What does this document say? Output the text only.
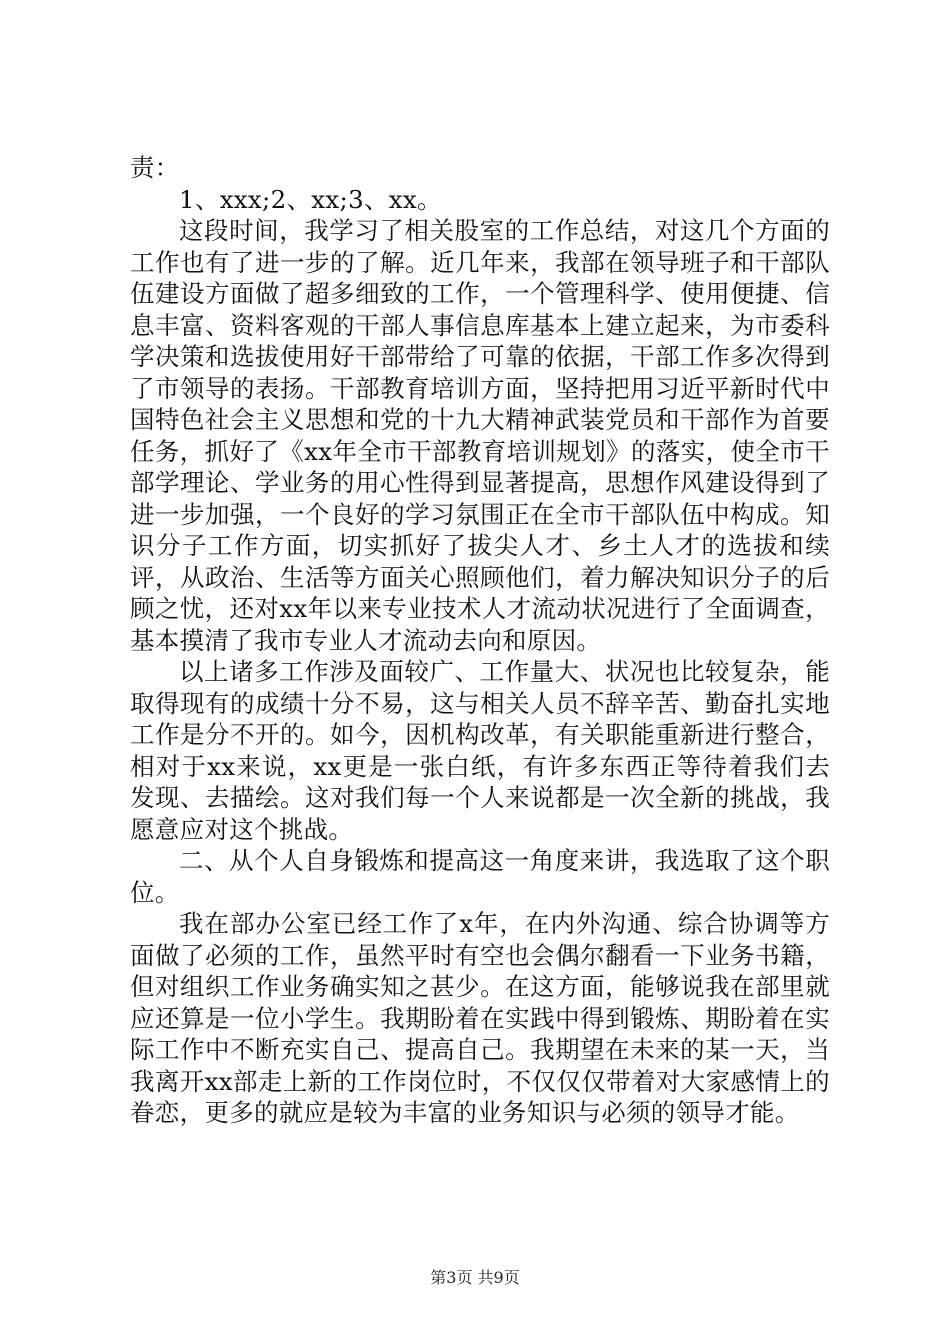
责：

1、xxx;2、xx;3、xx。

这段时间，我学习了相关股室的工作总结，对这几个方面的工作也有了进一步的了解。近几年来，我部在领导班子和干部队伍建设方面做了超多细致的工作，一个管理科学、使用便捷、信息丰富、资料客观的干部人事信息库基本上建立起来，为市委科学决策和选拔使用好干部带给了可靠的依据，干部工作多次得到了市领导的表扬。干部教育培训方面，坚持把用习近平新时代中国特色社会主义思想和党的十九大精神武装党员和干部作为首要任务，抓好了《xx年全市干部教育培训规划》的落实，使全市干部学理论、学业务的用心性得到显著提高，思想作风建设得到了进一步加强，一个良好的学习氛围正在全市干部队伍中构成。知识分子工作方面，切实抓好了拔尖人才、乡土人才的选拔和续评，从政治、生活等方面关心照顾他们，着力解决知识分子的后顾之忧，还对xx年以来专业技术人才流动状况进行了全面调查，基本摸清了我市专业人才流动去向和原因。

以上诸多工作涉及面较广、工作量大、状况也比较复杂，能取得现有的成绩十分不易，这与相关人员不辞辛苦、勤奋扎实地工作是分不开的。如今，因机构改革，有关职能重新进行整合，相对于xx来说，xx更是一张白纸，有许多东西正等待着我们去发现、去描绘。这对我们每一个人来说都是一次全新的挑战，我愿意应对这个挑战。

二、从个人自身锻炼和提高这一角度来讲，我选取了这个职位。

我在部办公室已经工作了x年，在内外沟通、综合协调等方面做了必须的工作，虽然平时有空也会偶尔翻看一下业务书籍，但对组织工作业务确实知之甚少。在这方面，能够说我在部里就应还算是一位小学生。我期盼着在实践中得到锻炼、期盼着在实际工作中不断充实自己、提高自己。我期望在未来的某一天，当我离开xx部走上新的工作岗位时，不仅仅仅带着对大家感情上的眷恋，更多的就应是较为丰富的业务知识与必须的领导才能。

第3页 共9页
